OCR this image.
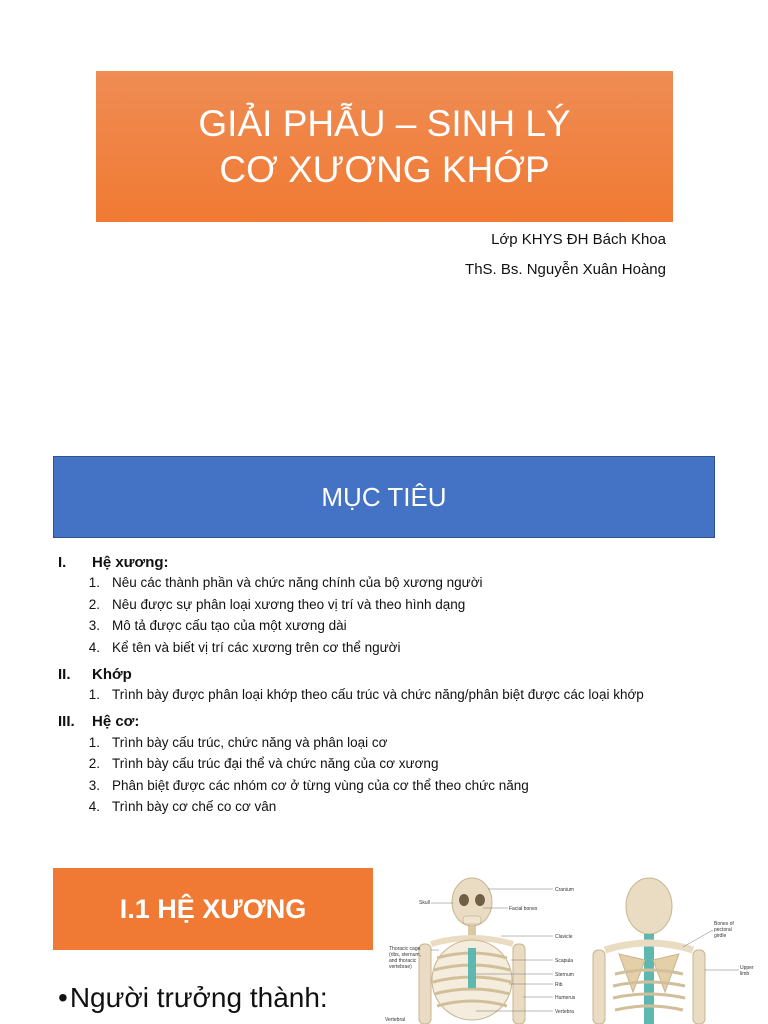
GIẢI PHẪU – SINH LÝ
CƠ XƯƠNG KHỚP
Lớp KHYS ĐH Bách Khoa
ThS. Bs. Nguyễn Xuân Hoàng
MỤC TIÊU
I.	Hệ xương:
1. Nêu các thành phần và chức năng chính của bộ xương người
2. Nêu được sự phân loại xương theo vị trí và theo hình dạng
3. Mô tả được cấu tạo của một xương dài
4. Kể tên và biết vị trí các xương trên cơ thể người
II.	Khớp
1. Trình bày được phân loại khớp theo cấu trúc và chức năng/phân biệt được các loại khớp
III.	Hệ cơ:
1. Trình bày cấu trúc, chức năng và phân loại cơ
2. Trình bày cấu trúc đại thể và chức năng của cơ xương
3. Phân biệt được các nhóm cơ ở từng vùng của cơ thể theo chức năng
4. Trình bày cơ chế co cơ vân
I.1 HỆ XƯƠNG
•Người trưởng thành:
Skull
Facial bones
Cranium
Thoracic cage
(ribs, sternum,
and thoracic
vertebrae)
Clavicle
Scapula
Sternum
Rib
Humerus
Vertebra
Bones of
pectoral
girdle
Upper
limb
Vertebral
